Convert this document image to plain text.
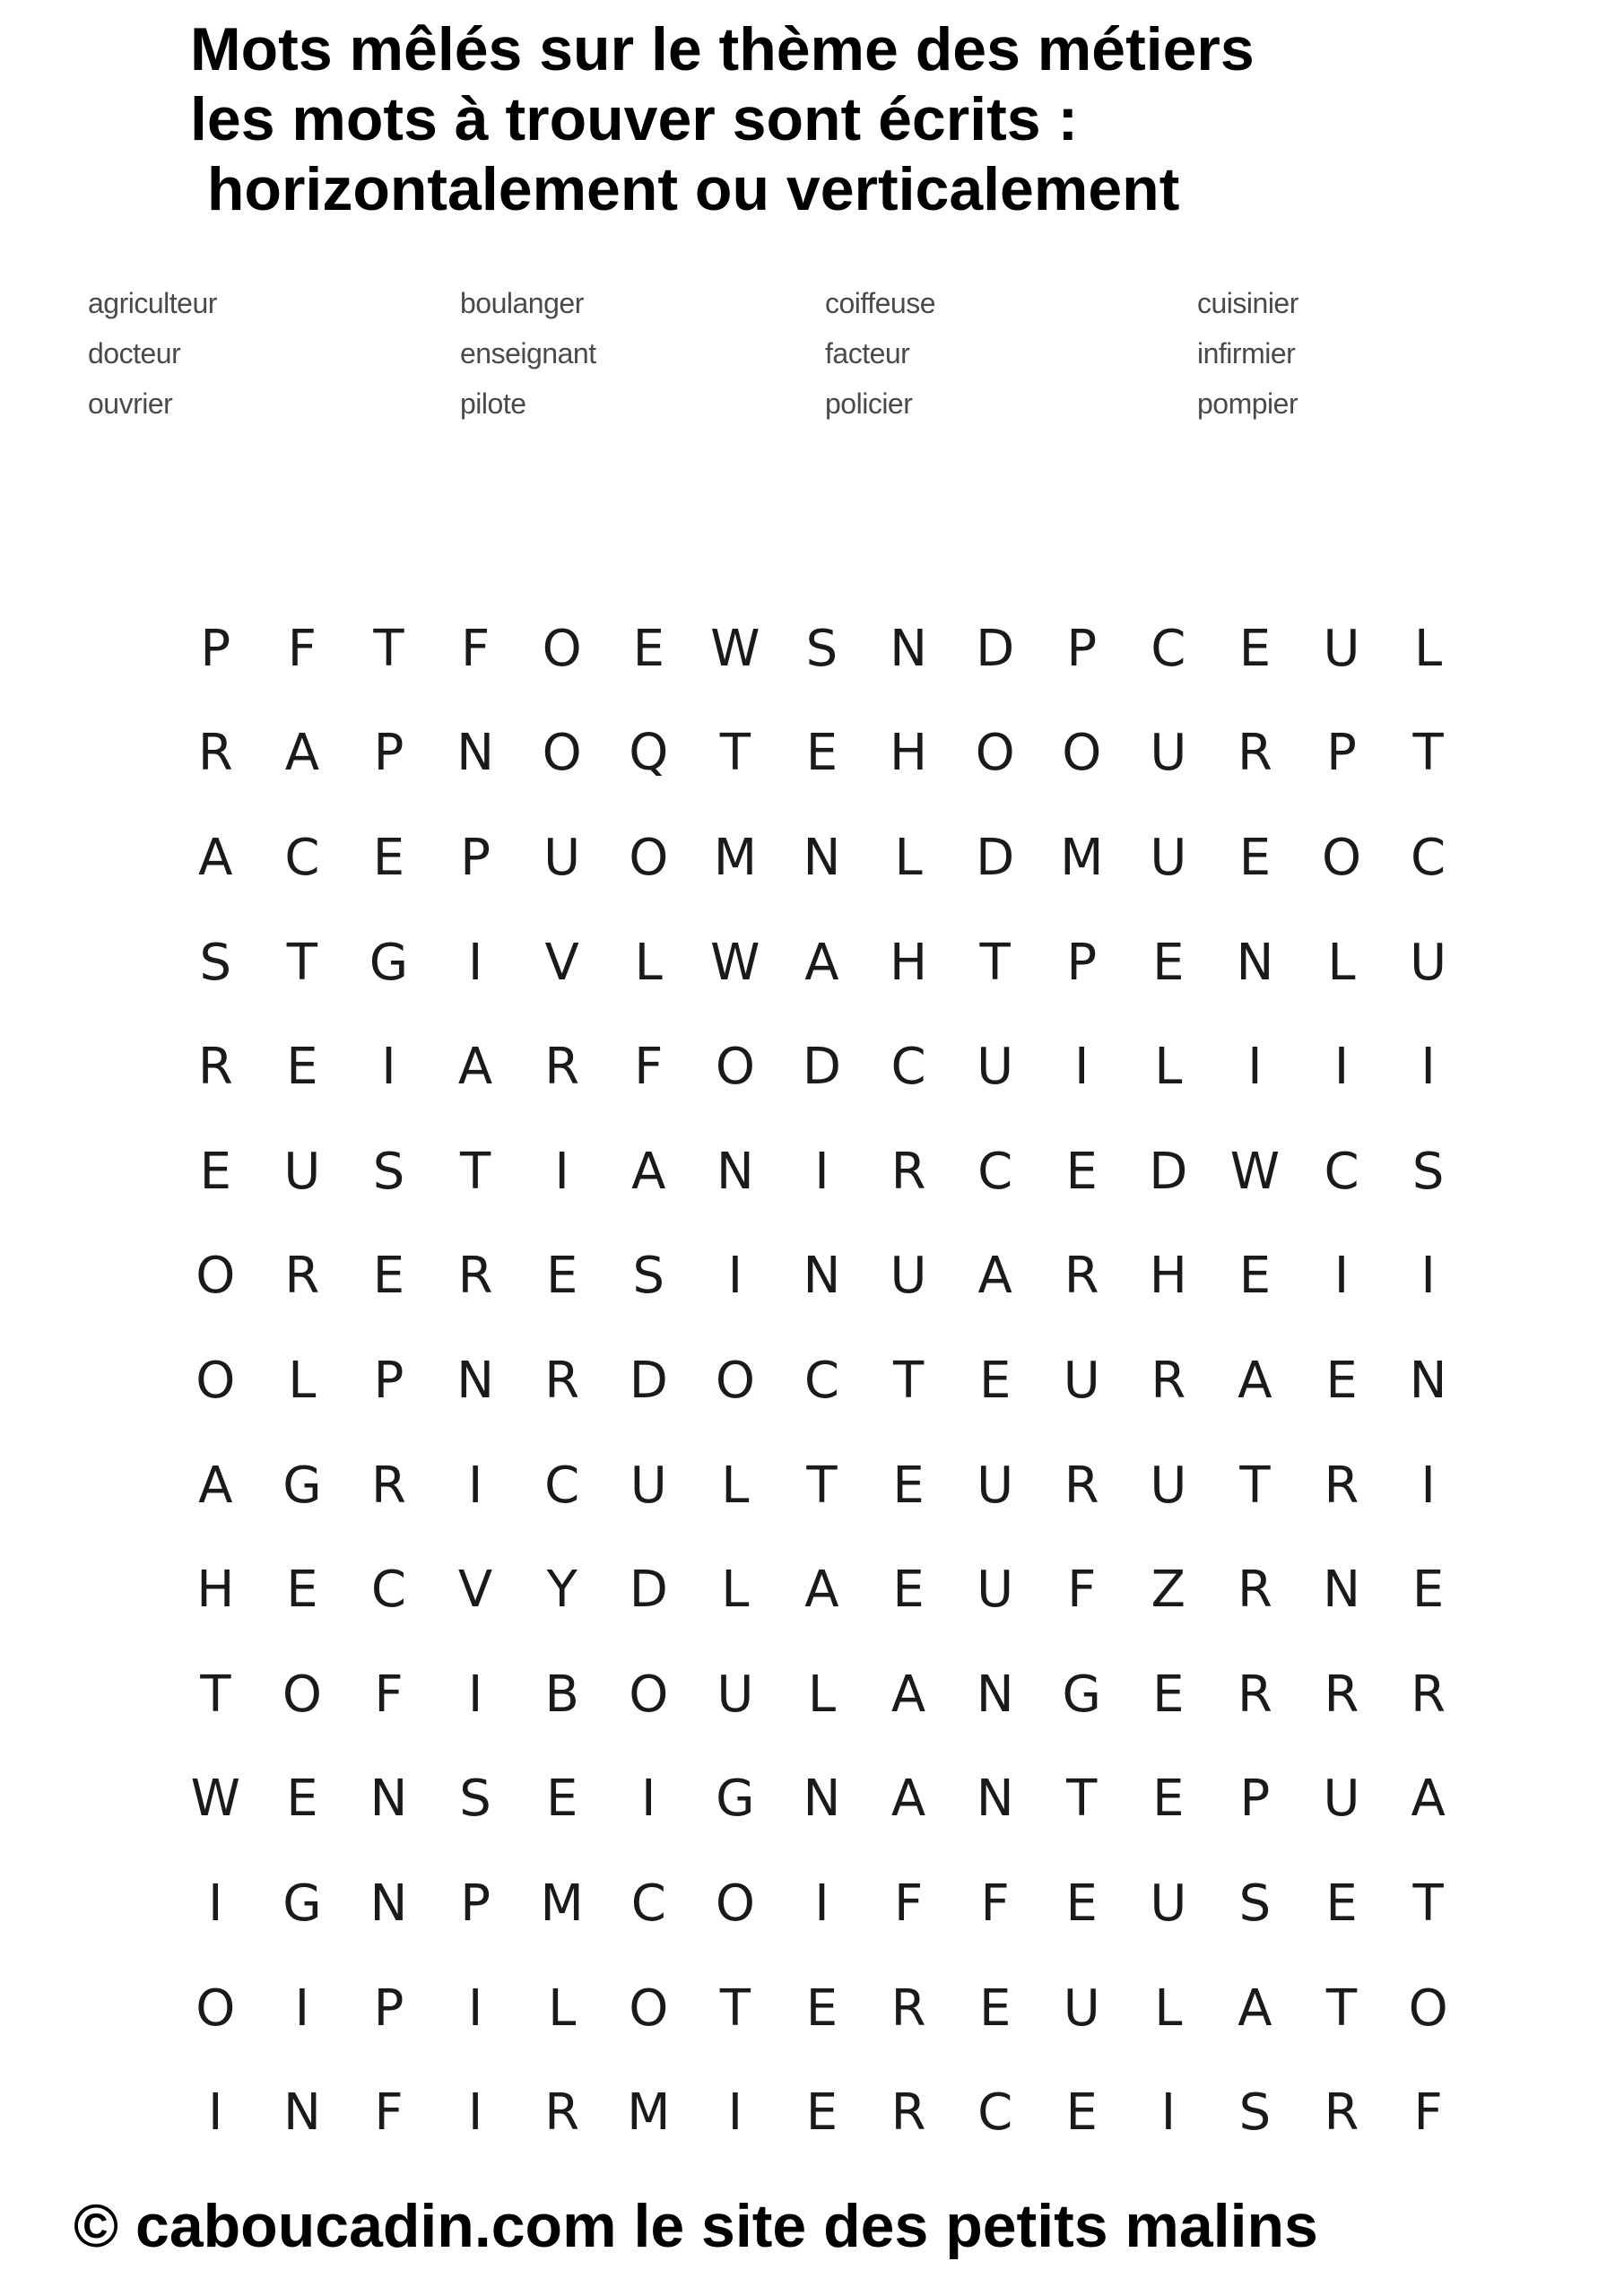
Mots mêlés sur le thème des métiers
les mots à trouver sont écrits :
horizontalement ou verticalement
agriculteur	boulanger	coiffeuse	cuisinier
docteur	enseignant	facteur	infirmier
ouvrier	pilote	policier	pompier
P	F	T	F	O	E W S	N D	P	C	E	U	L
R	A	P	N O Q	T	E	H O O U	R	P	T
A	C	E	P	U O M N	L	D M U	E	O C
S	T	G	I	V	L W A	H	T	P	E	N	L	U
R	E	I	A	R	F	O D C	U	I	L	I	I	I
E	U	S	T	I	A	N	I	R	C	E	D W C	S
O R	E	R	E	S	I	N U	A	R	H	E	I	I
O	L	P	N	R D O C	T	E	U	R	A	E	N
A G R	I	C	U	L	T	E	U	R	U	T	R	I
H	E	C	V	Y	D	L	A	E	U	F	Z	R	N	E
T	O	F	I	B O U	L	A	N G	E	R	R	R
W E	N	S	E	I	G N	A	N	T	E	P	U	A
I	G N	P M C O	I	F	F	E	U	S	E	T
O	I	P	I	L	O	T	E	R	E	U	L	A	T	O
I	N	F	I	R M	I	E	R	C	E	I	S	R	F
© caboucadin.com le site des petits malins
